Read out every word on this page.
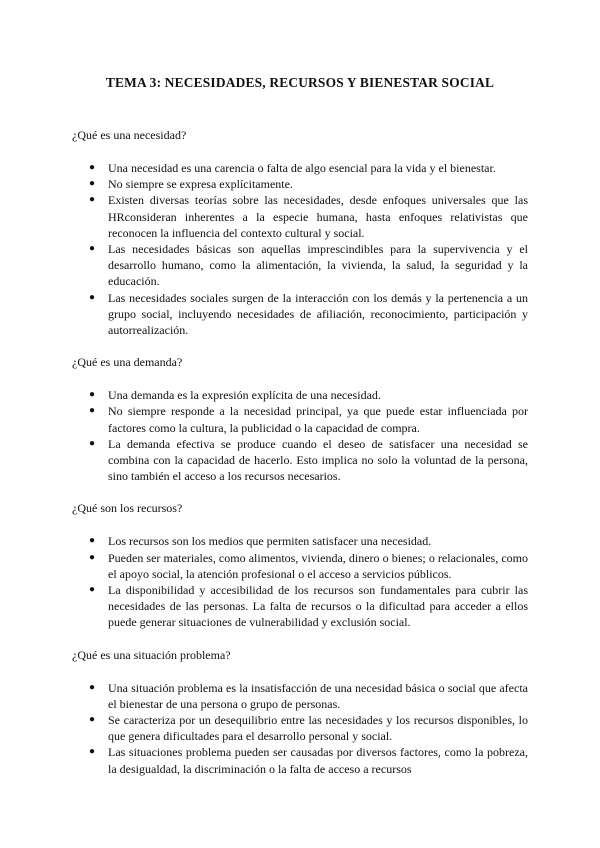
TEMA 3: NECESIDADES, RECURSOS Y BIENESTAR SOCIAL

¿Qué es una necesidad?

● Una necesidad es una carencia o falta de algo esencial para la vida y el bienestar.
● No siempre se expresa explícitamente.
● Existen diversas teorías sobre las necesidades, desde enfoques universales que las HRconsideran inherentes a la especie humana, hasta enfoques relativistas que reconocen la influencia del contexto cultural y social.
● Las necesidades básicas son aquellas imprescindibles para la supervivencia y el desarrollo humano, como la alimentación, la vivienda, la salud, la seguridad y la educación.
● Las necesidades sociales surgen de la interacción con los demás y la pertenencia a un grupo social, incluyendo necesidades de afiliación, reconocimiento, participación y autorrealización.

¿Qué es una demanda?

● Una demanda es la expresión explícita de una necesidad.
● No siempre responde a la necesidad principal, ya que puede estar influenciada por factores como la cultura, la publicidad o la capacidad de compra.
● La demanda efectiva se produce cuando el deseo de satisfacer una necesidad se combina con la capacidad de hacerlo. Esto implica no solo la voluntad de la persona, sino también el acceso a los recursos necesarios.

¿Qué son los recursos?

● Los recursos son los medios que permiten satisfacer una necesidad.
● Pueden ser materiales, como alimentos, vivienda, dinero o bienes; o relacionales, como el apoyo social, la atención profesional o el acceso a servicios públicos.
● La disponibilidad y accesibilidad de los recursos son fundamentales para cubrir las necesidades de las personas. La falta de recursos o la dificultad para acceder a ellos puede generar situaciones de vulnerabilidad y exclusión social.

¿Qué es una situación problema?

● Una situación problema es la insatisfacción de una necesidad básica o social que afecta el bienestar de una persona o grupo de personas.
● Se caracteriza por un desequilibrio entre las necesidades y los recursos disponibles, lo que genera dificultades para el desarrollo personal y social.
● Las situaciones problema pueden ser causadas por diversos factores, como la pobreza, la desigualdad, la discriminación o la falta de acceso a recursos
